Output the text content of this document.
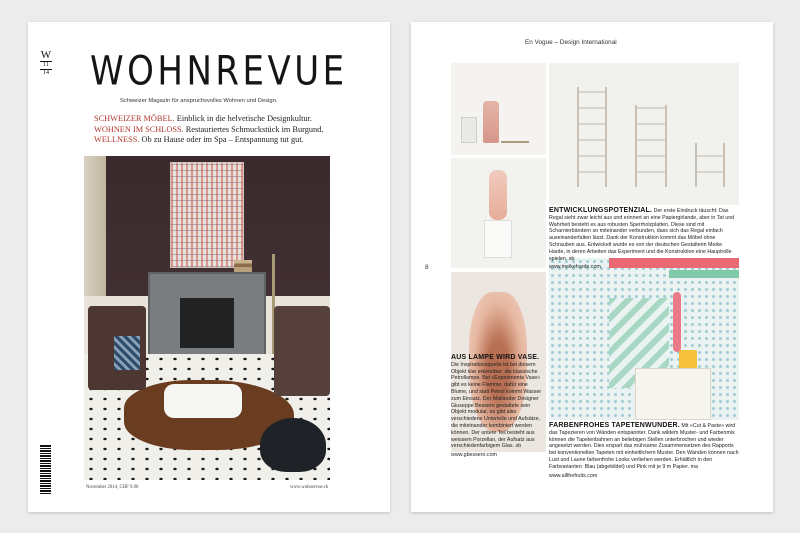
W
11
14 WOHNREVUE
Schweizer Magazin für anspruchsvolles Wohnen und Design.

SCHWEIZER MÖBEL. Einblick in die helvetische Designkultur.

WOHNEN IM SCHLOSS. Restauriertes Schmuckstück im Burgund.

WELLNESS. Ob zu Hause oder im Spa – Entspannung tut gut.

November 2014, CHF 9.90	www.wohnrevue.ch
En Vogue – Design International
8
ENTWICKLUNGSPOTENZIAL. Der erste Eindruck täuscht: Das Regal sieht zwar leicht aus und erinnert an eine Papiergirlande, aber in Tat und Wahrheit besteht es aus robusten Sperrholzplatten. Diese sind mit Scharnierbändern so miteinander verbunden, dass sich das Regal einfach auseinanderfalten lässt. Dank der Konstruktion kommt das Möbel ohne Schrauben aus. Entwickelt wurde es von der deutschen Gestalterin Meike Harde, in deren Arbeiten das Experiment und die Konstruktion eine Hauptrolle spielen. sb
www.meikeharde.com
AUS LAMPE WIRD VASE. Die Inspirationsquelle ist bei diesem Objekt klar erkennbar: die klassische Petrollampe. Bei «Experimenta Vase» gibt es keine Flamme, dafür eine Blume, und statt Petrol kommt Wasser zum Einsatz. Der Mailänder Designer Giuseppe Bessero gestaltete sein Objekt modular, es gibt also verschiedene Unterteile und Aufsätze, die miteinander kombiniert werden können. Der untere Teil besteht aus weissem Porzellan, der Aufsatz aus verschiedenfarbigem Glas. sb
www.gbessero.com
FARBENFROHES TAPETENWUNDER. Mit «Cut & Paste» wird das Tapezieren von Wänden entspannter. Dank wildem Muster- und Farbenmix können die Tapetenbahnen an beliebigen Stellen unterbrochen und wieder angesetzt werden. Dies erspart das mühsame Zusammensetzen des Rapports bei konventionellen Tapeten mit einheitlichem Muster. Den Wänden können nach Lust und Laune farbenfrohe Looks verliehen werden. Erhältlich in den Farbvarianten: Blau (abgebildet) und Pink mit je 9 m Papier. ma
www.allthefruits.com
